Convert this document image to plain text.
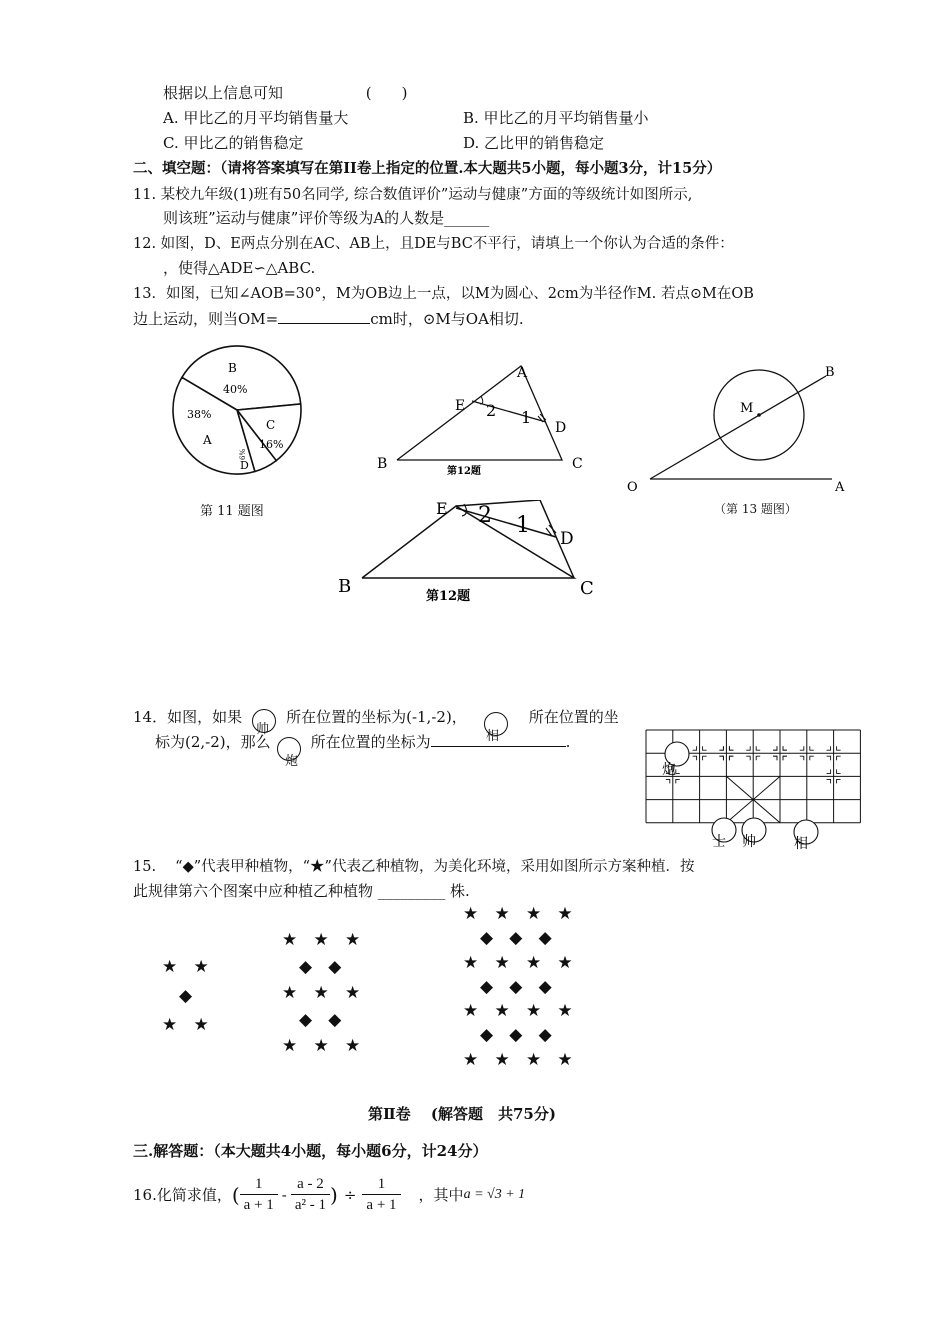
根据以上信息可知	(　　)
A. 甲比乙的月平均销售量大	B. 甲比乙的月平均销售量小
C. 甲比乙的销售稳定	D. 乙比甲的销售稳定
二、填空题：（请将答案填写在第II卷上指定的位置.本大题共5小题，每小题3分，计15分）
11. 某校九年级(1)班有50名同学, 综合数值评价”运动与健康”方面的等级统计如图所示,
则该班”运动与健康”评价等级为A的人数是______
12. 如图，D、E两点分别在AC、AB上，且DE与BC不平行，请填上一个你认为合适的条件：
，使得△ADE∽△ABC.
13．如图，已知∠AOB=30°，M为OB边上一点，以M为圆心、2cm为半径作M. 若点⊙M在OB
边上运动，则当OM=	cm时，⊙M与OA相切.
B
40%
38%
A
C
16%
6%
D
第 11 题图
A
E 2 1
D
B	C
第12题
B
M
O	A
（第 13 题图）
E 2 1
D
B	C
第12题
14．如图，如果	所在位置的坐标为(-1,-2)，	所在位置的坐
标为(2,-2)，那么	所在位置的坐标为	.
帅	相
炮
炮
士 帅	相
15.　 “◆”代表甲种植物，“★”代表乙种植物，为美化环境，采用如图所示方案种植．按
此规律第六个图案中应种植乙种植物 _________ 株.
★ ★
◆
★ ★
★ ★ ★
◆ ◆
★ ★ ★
◆ ◆
★ ★ ★
★ ★ ★ ★
◆ ◆ ◆
★ ★ ★ ★
◆ ◆ ◆
★ ★ ★ ★
◆ ◆ ◆
★ ★ ★ ★
第Ⅱ卷　 (解答题　共75分)
三.解答题：（本大题共4小题，每小题6分，计24分）
16.化简求值， ( $\frac{1}{a + 1} - \frac{a - 2}{\text{a² - 1}}$ ) ÷ $\frac{1}{a + 1}$ ，其中 a = √3 + 1
